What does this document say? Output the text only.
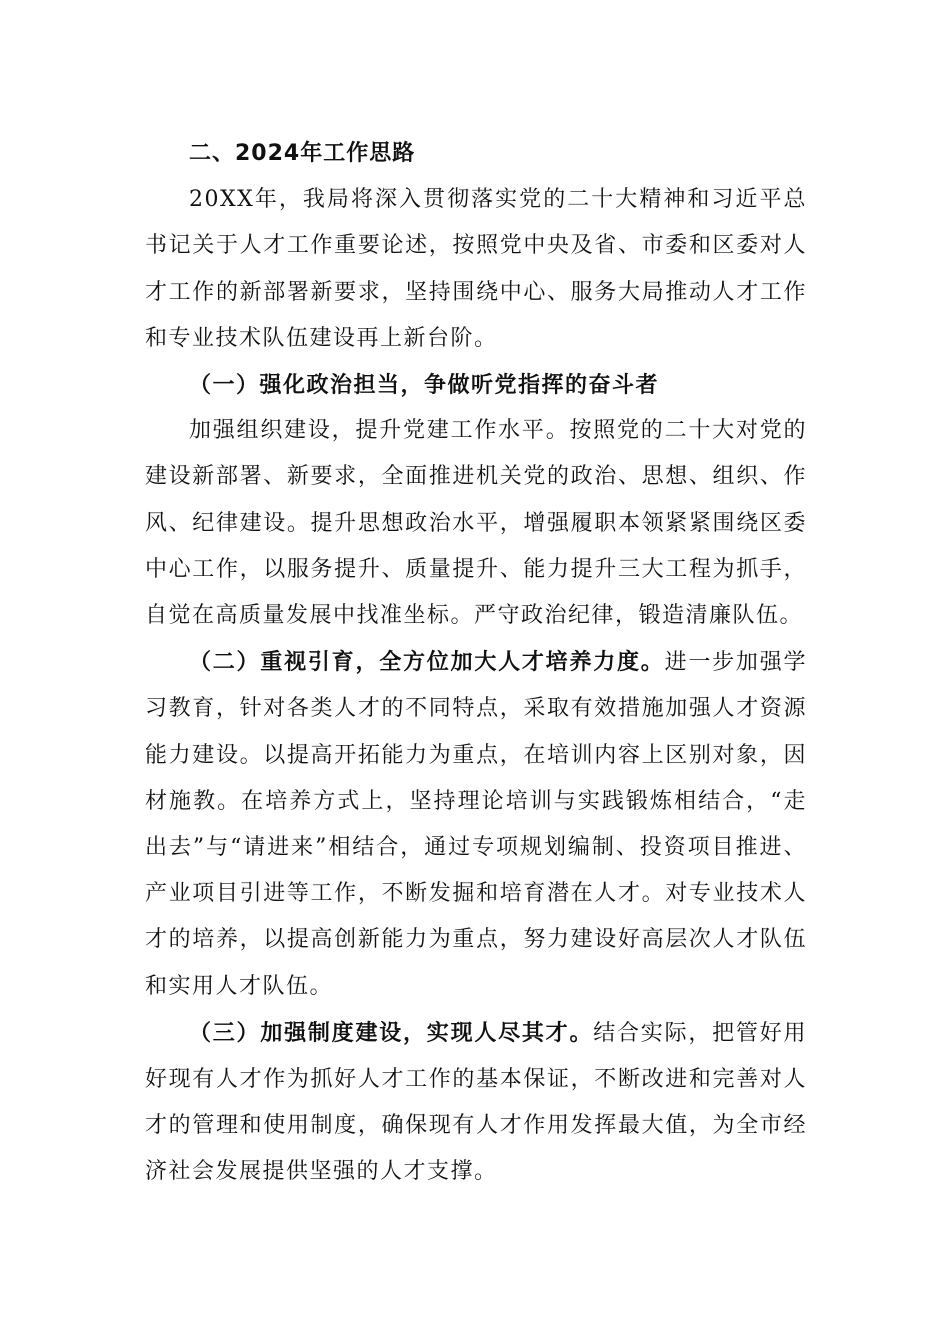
二、2024年工作思路

20XX年，我局将深入贯彻落实党的二十大精神和习近平总书记关于人才工作重要论述，按照党中央及省、市委和区委对人才工作的新部署新要求，坚持围绕中心、服务大局推动人才工作和专业技术队伍建设再上新台阶。

（一）强化政治担当，争做听党指挥的奋斗者

加强组织建设，提升党建工作水平。按照党的二十大对党的建设新部署、新要求，全面推进机关党的政治、思想、组织、作风、纪律建设。提升思想政治水平，增强履职本领紧紧围绕区委中心工作，以服务提升、质量提升、能力提升三大工程为抓手，自觉在高质量发展中找准坐标。严守政治纪律，锻造清廉队伍。

（二）重视引育，全方位加大人才培养力度。进一步加强学习教育，针对各类人才的不同特点，采取有效措施加强人才资源能力建设。以提高开拓能力为重点，在培训内容上区别对象，因材施教。在培养方式上，坚持理论培训与实践锻炼相结合，“走出去”与“请进来”相结合，通过专项规划编制、投资项目推进、产业项目引进等工作，不断发掘和培育潜在人才。对专业技术人才的培养，以提高创新能力为重点，努力建设好高层次人才队伍和实用人才队伍。

（三）加强制度建设，实现人尽其才。结合实际，把管好用好现有人才作为抓好人才工作的基本保证，不断改进和完善对人才的管理和使用制度，确保现有人才作用发挥最大值，为全市经济社会发展提供坚强的人才支撑。
